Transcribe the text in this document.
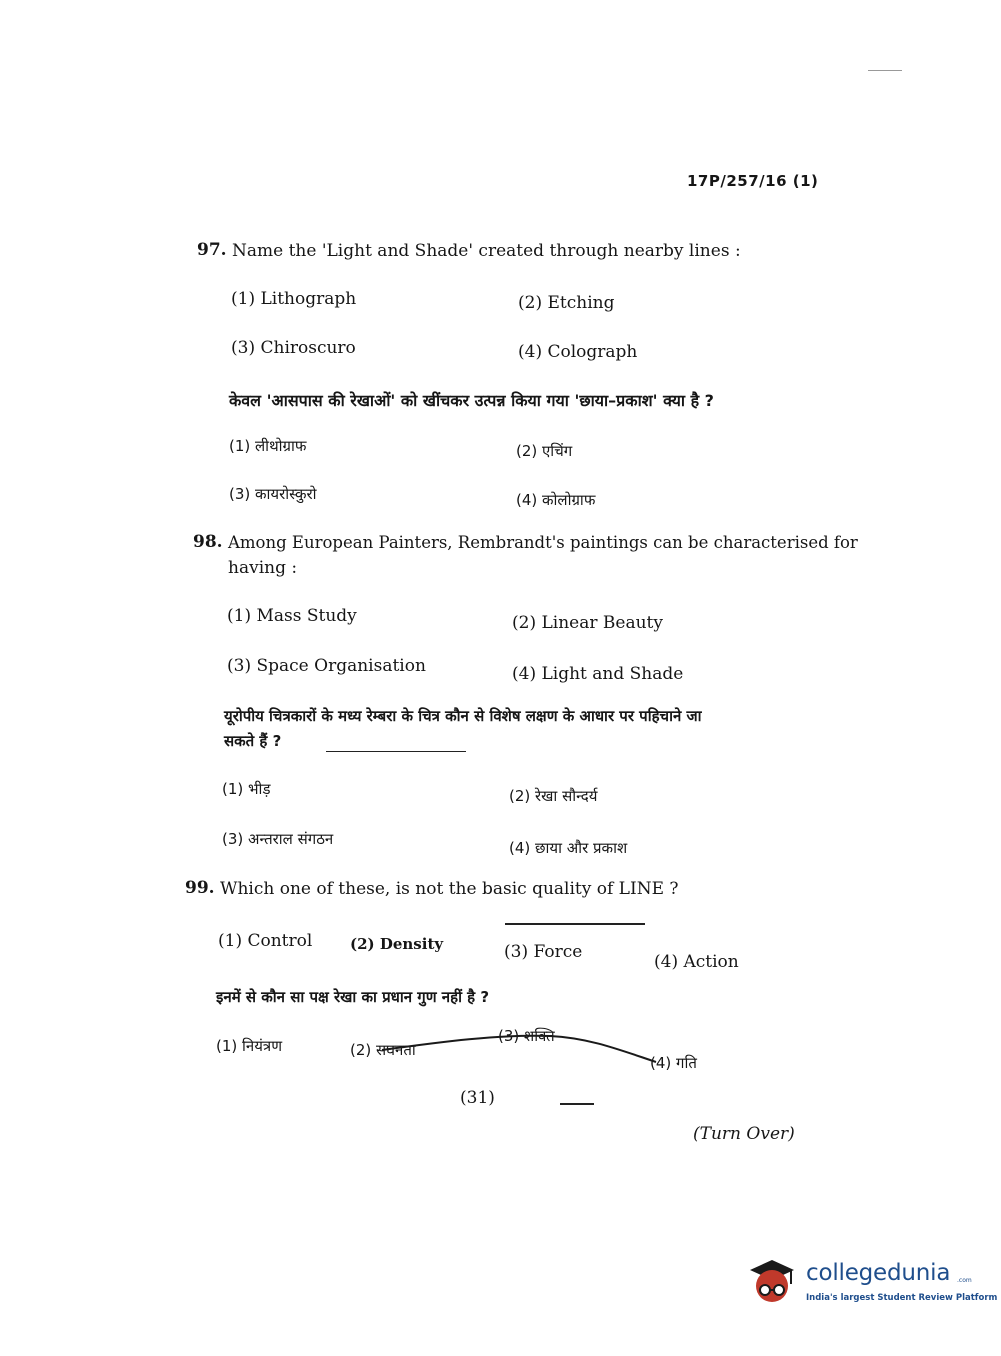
17P/257/16 (1)
97. Name the 'Light and Shade' created through nearby lines :
(1) Lithograph	(2) Etching
(3) Chiroscuro	(4) Colograph
केवल 'आसपास की रेखाओं' को खींचकर उत्पन्न किया गया 'छाया–प्रकाश' क्या है ?
(1) लीथोग्राफ	(2) एचिंग
(3) कायरोस्कुरो	(4) कोलोग्राफ
98. Among European Painters, Rembrandt's paintings can be characterised for
having :
(1) Mass Study	(2) Linear Beauty
(3) Space Organisation	(4) Light and Shade
यूरोपीय चित्रकारों के मध्य रेम्बरा के चित्र कौन से विशेष लक्षण के आधार पर पहिचाने जा
सकते हैं ?
(1) भीड़	(2) रेखा सौन्दर्य
(3) अन्तराल संगठन	(4) छाया और प्रकाश
99. Which one of these, is not the basic quality of LINE ?
(1) Control	(2) Density	(3) Force	(4) Action
इनमें से कौन सा पक्ष रेखा का प्रधान गुण नहीं है ?
(1) नियंत्रण	(2) सघनता
(3) शक्ति
(4) गति
(31)
(Turn Over)
collegedunia .com
India's largest Student Review Platform
